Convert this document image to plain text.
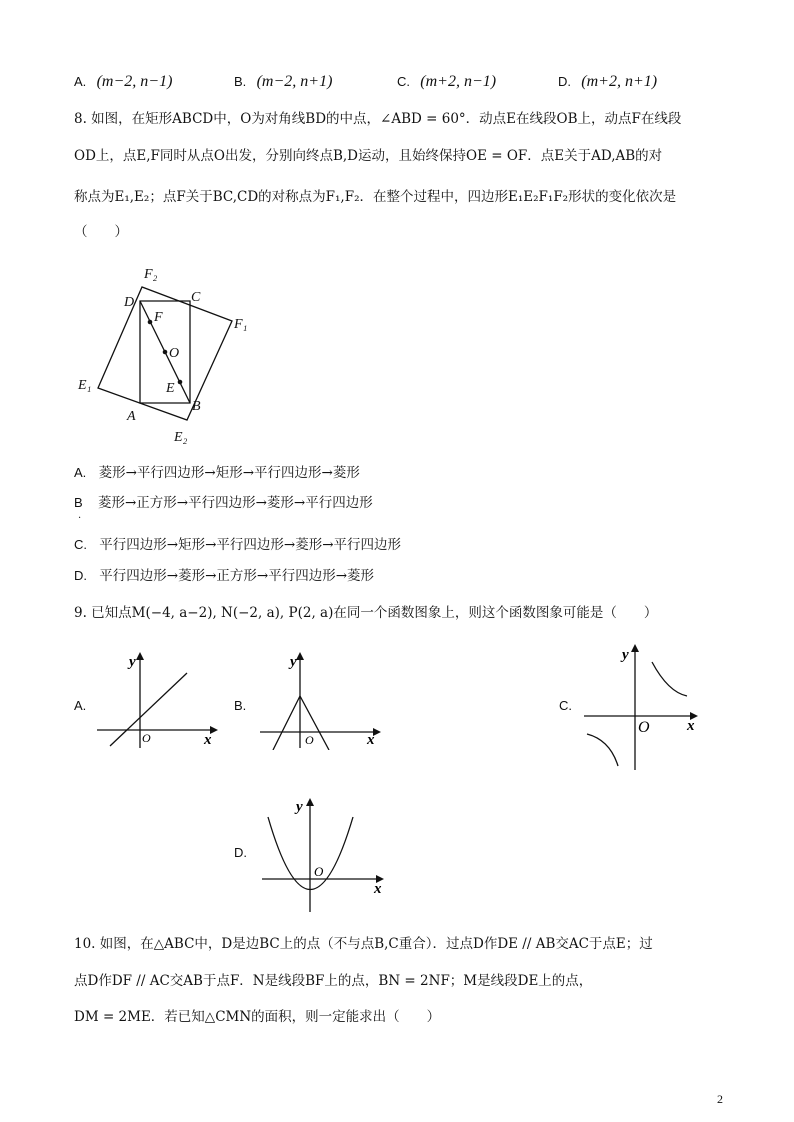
A. (m−2, n−1)	B. (m−2, n+1)	C. (m+2, n−1)	D. (m+2, n+1)
8. 如图，在矩形ABCD中，O为对角线BD的中点，∠ABD = 60°．动点E在线段OB上，动点F在线段
OD上，点E,F同时从点O出发，分别向终点B,D运动，且始终保持OE = OF．点E关于AD,AB的对
称点为E₁,E₂；点F关于BC,CD的对称点为F₁,F₂．在整个过程中，四边形E₁E₂F₁F₂形状的变化依次是
（　　）
F₂
D	C
F₁
F
O
E₁	E
A
B
E₂
A. 菱形→平行四边形→矩形→平行四边形→菱形
B 菱形→正方形→平行四边形→菱形→平行四边形
.
C. 平行四边形→矩形→平行四边形→菱形→平行四边形
D. 平行四边形→菱形→正方形→平行四边形→菱形
9. 已知点M(−4, a−2), N(−2, a), P(2, a)在同一个函数图象上，则这个函数图象可能是（　　）
A.
x
y
O
B.
x
y
O
C.
x
y
O
D.
x
y
O
10. 如图，在△ABC中，D是边BC上的点（不与点B,C重合）．过点D作DE // AB交AC于点E；过
点D作DF // AC交AB于点F．N是线段BF上的点，BN = 2NF；M是线段DE上的点，
DM = 2ME．若已知△CMN的面积，则一定能求出（　　）
2
